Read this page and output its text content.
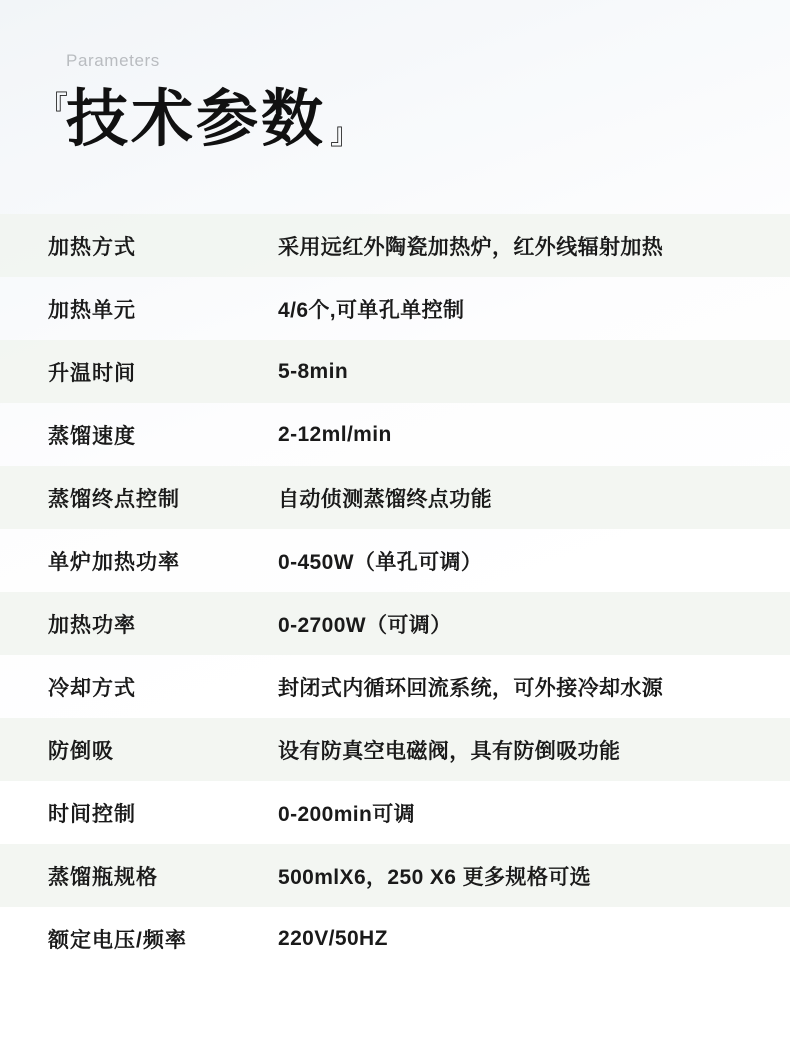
Parameters
『
技术参数 』
加热方式	采用远红外陶瓷加热炉，红外线辐射加热
加热单元	4/6个,可单孔单控制
升温时间	5-8min
蒸馏速度	2-12ml/min
蒸馏终点控制	自动侦测蒸馏终点功能
单炉加热功率	0-450W（单孔可调）
加热功率	0-2700W（可调）
冷却方式	封闭式内循环回流系统，可外接冷却水源
防倒吸	设有防真空电磁阀，具有防倒吸功能
时间控制	0-200min可调
蒸馏瓶规格	500mlX6，250 X6 更多规格可选
额定电压/频率	220V/50HZ
